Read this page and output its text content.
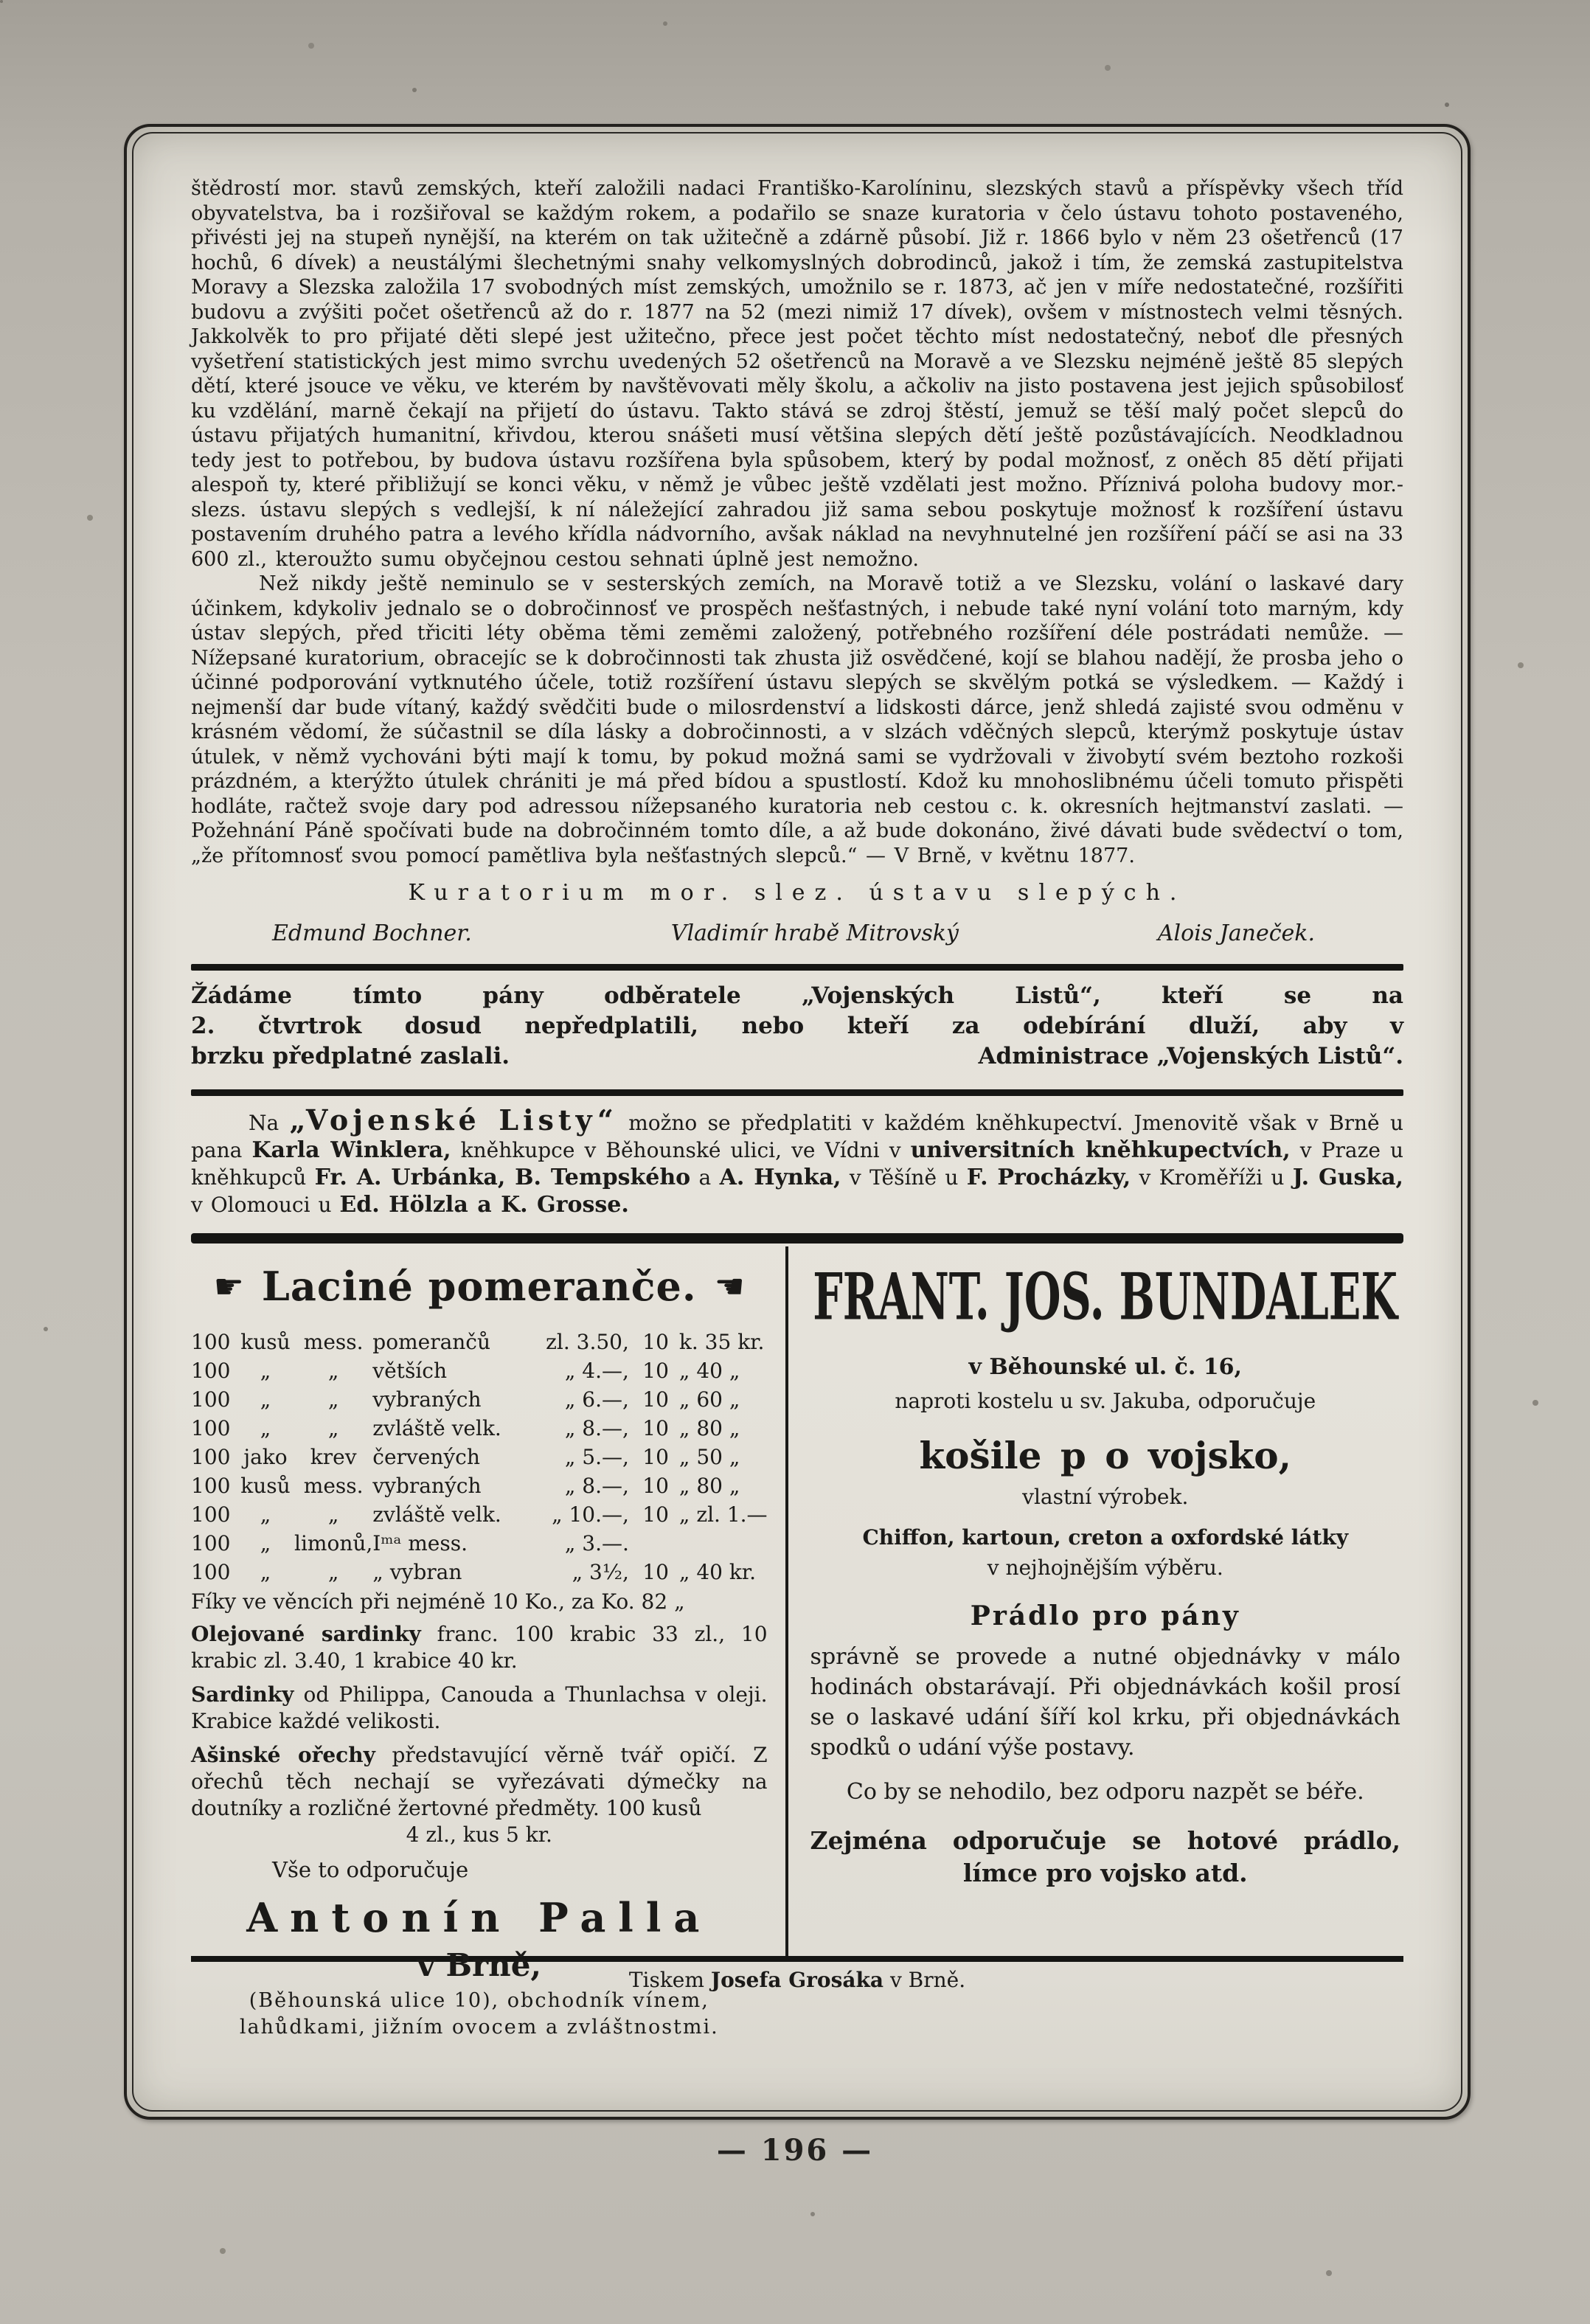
štědrostí mor. stavů zemských, kteří založili nadaci Františko-Karolíninu, slezských stavů a příspěvky všech tříd obyvatelstva, ba i rozšiřoval se každým rokem, a podařilo se snaze kuratoria v čelo ústavu tohoto postaveného, přivésti jej na stupeň nynější, na kterém on tak užitečně a zdárně působí. Již r. 1866 bylo v něm 23 ošetřenců (17 hochů, 6 dívek) a neustálými šlechetnými snahy velkomyslných dobrodinců, jakož i tím, že zemská zastupitelstva Moravy a Slezska založila 17 svobodných míst zemských, umožnilo se r. 1873, ač jen v míře nedostatečné, rozšířiti budovu a zvýšiti počet ošetřenců až do r. 1877 na 52 (mezi nimiž 17 dívek), ovšem v místnostech velmi těsných. Jakkolvěk to pro přijaté děti slepé jest užitečno, přece jest počet těchto míst nedostatečný, neboť dle přesných vyšetření statistických jest mimo svrchu uvedených 52 ošetřenců na Moravě a ve Slezsku nejméně ještě 85 slepých dětí, které jsouce ve věku, ve kterém by navštěvovati měly školu, a ačkoliv na jisto postavena jest jejich spůsobilosť ku vzdělání, marně čekají na přijetí do ústavu. Takto stává se zdroj štěstí, jemuž se těší malý počet slepců do ústavu přijatých humanitní, křivdou, kterou snášeti musí většina slepých dětí ještě pozůstávajících. Neodkladnou tedy jest to potřebou, by budova ústavu rozšířena byla spůsobem, který by podal možnosť, z oněch 85 dětí přijati alespoň ty, které přibližují se konci věku, v němž je vůbec ještě vzdělati jest možno. Příznivá poloha budovy mor.-slezs. ústavu slepých s vedlejší, k ní náležející zahradou již sama sebou poskytuje možnosť k rozšíření ústavu postavením druhého patra a levého křídla nádvorního, avšak náklad na nevyhnutelné jen rozšíření páčí se asi na 33 600 zl., kteroužto sumu obyčejnou cestou sehnati úplně jest nemožno.

Než nikdy ještě neminulo se v sesterských zemích, na Moravě totiž a ve Slezsku, volání o laskavé dary účinkem, kdykoliv jednalo se o dobročinnosť ve prospěch nešťastných, i nebude také nyní volání toto marným, kdy ústav slepých, před třiciti léty oběma těmi zeměmi založený, potřebného rozšíření déle postrádati nemůže. — Nížepsané kuratorium, obracejíc se k dobročinnosti tak zhusta již osvědčené, kojí se blahou nadějí, že prosba jeho o účinné podporování vytknutého účele, totiž rozšíření ústavu slepých se skvělým potká se výsledkem. — Každý i nejmenší dar bude vítaný, každý svědčiti bude o milosrdenství a lidskosti dárce, jenž shledá zajisté svou odměnu v krásném vědomí, že súčastnil se díla lásky a dobročinnosti, a v slzách vděčných slepců, kterýmž poskytuje ústav útulek, v němž vychováni býti mají k tomu, by pokud možná sami se vydržovali v živobytí svém beztoho rozkoši prázdném, a kterýžto útulek chrániti je má před bídou a spustlostí. Kdož ku mnohoslibnému účeli tomuto přispěti hodláte, račtež svoje dary pod adressou nížepsaného kuratoria neb cestou c. k. okresních hejtmanství zaslati. — Požehnání Páně spočívati bude na dobročinném tomto díle, a až bude dokonáno, živé dávati bude svědectví o tom, „že přítomnosť svou pomocí pamětliva byla nešťastných slepců.“ — V Brně, v květnu 1877.

Kuratorium mor. slez. ústavu slepých.
Edmund Bochner.	Vladimír hrabě Mitrovský	Alois Janeček.
Žádáme tímto pány odběratele „Vojenských Listů“, kteří se na
2. čtvrtrok dosud nepředplatili, nebo kteří za odebírání dluží, aby v
brzku předplatné zaslali.	Administrace „Vojenských Listů“.

Na „Vojenské Listy“ možno se předplatiti v každém kněhkupectví. Jmenovitě však v Brně u pana Karla Winklera, kněhkupce v Běhounské ulici, ve Vídni v universitních kněhkupectvích, v Praze u kněhkupců Fr. A. Urbánka, B. Tempského a A. Hynka, v Těšíně u F. Procházky, v Kroměříži u J. Guska, v Olomouci u Ed. Hölzla a K. Grosse.

☛ Laciné pomeranče. ☚
100	kusů	mess.	pomerančů	zl. 3.50,	10	k. 35 kr.
100	„	„	větších	„ 4.—,	10	„ 40 „
100	„	„	vybraných	„ 6.—,	10	„ 60 „
100	„	„	zvláště velk.	„ 8.—,	10	„ 80 „
100	jako	krev	červených	„ 5.—,	10	„ 50 „
100	kusů	mess.	vybraných	„ 8.—,	10	„ 80 „
100	„	„	zvláště velk.	„ 10.—,	10	„ zl. 1.—
100	„	limonů,	Iᵐᵃ mess.	„ 3.—.		
100	„	„	„ vybran	„ 3½,	10	„ 40 kr.
Fíky ve věncích při nejméně 10 Ko., za Ko. 82 „

Olejované sardinky franc. 100 krabic 33 zl., 10 krabic zl. 3.40, 1 krabice 40 kr.

Sardinky od Philippa, Canouda a Thunlachsa v oleji. Krabice každé velikosti.

Ašinské ořechy představující věrně tvář opičí. Z ořechů těch nechají se vyřezávati dýmečky na doutníky a rozličné žertovné předměty. 100 kusů

4 zl., kus 5 kr.
Vše to odporučuje
Antonín Palla
v Brně,
(Běhounská ulice 10), obchodník vínem, lahůdkami, jižním ovocem a zvláštnostmi.
FRANT. JOS. BUNDALEK
v Běhounské ul. č. 16,
naproti kostelu u sv. Jakuba, odporučuje
košile p o vojsko,
vlastní výrobek.
Chiffon, kartoun, creton a oxfordské látky
v nejhojnějším výběru.
Prádlo pro pány

správně se provede a nutné objednávky v málo hodinách obstarávají. Při objednávkách košil prosí se o laskavé udání šíří kol krku, při objednávkách spodků o udání výše postavy.

Co by se nehodilo, bez odporu nazpět se béře.
Zejména odporučuje se hotové prádlo, límce pro vojsko atd.
Tiskem Josefa Grosáka v Brně.
— 196 —
